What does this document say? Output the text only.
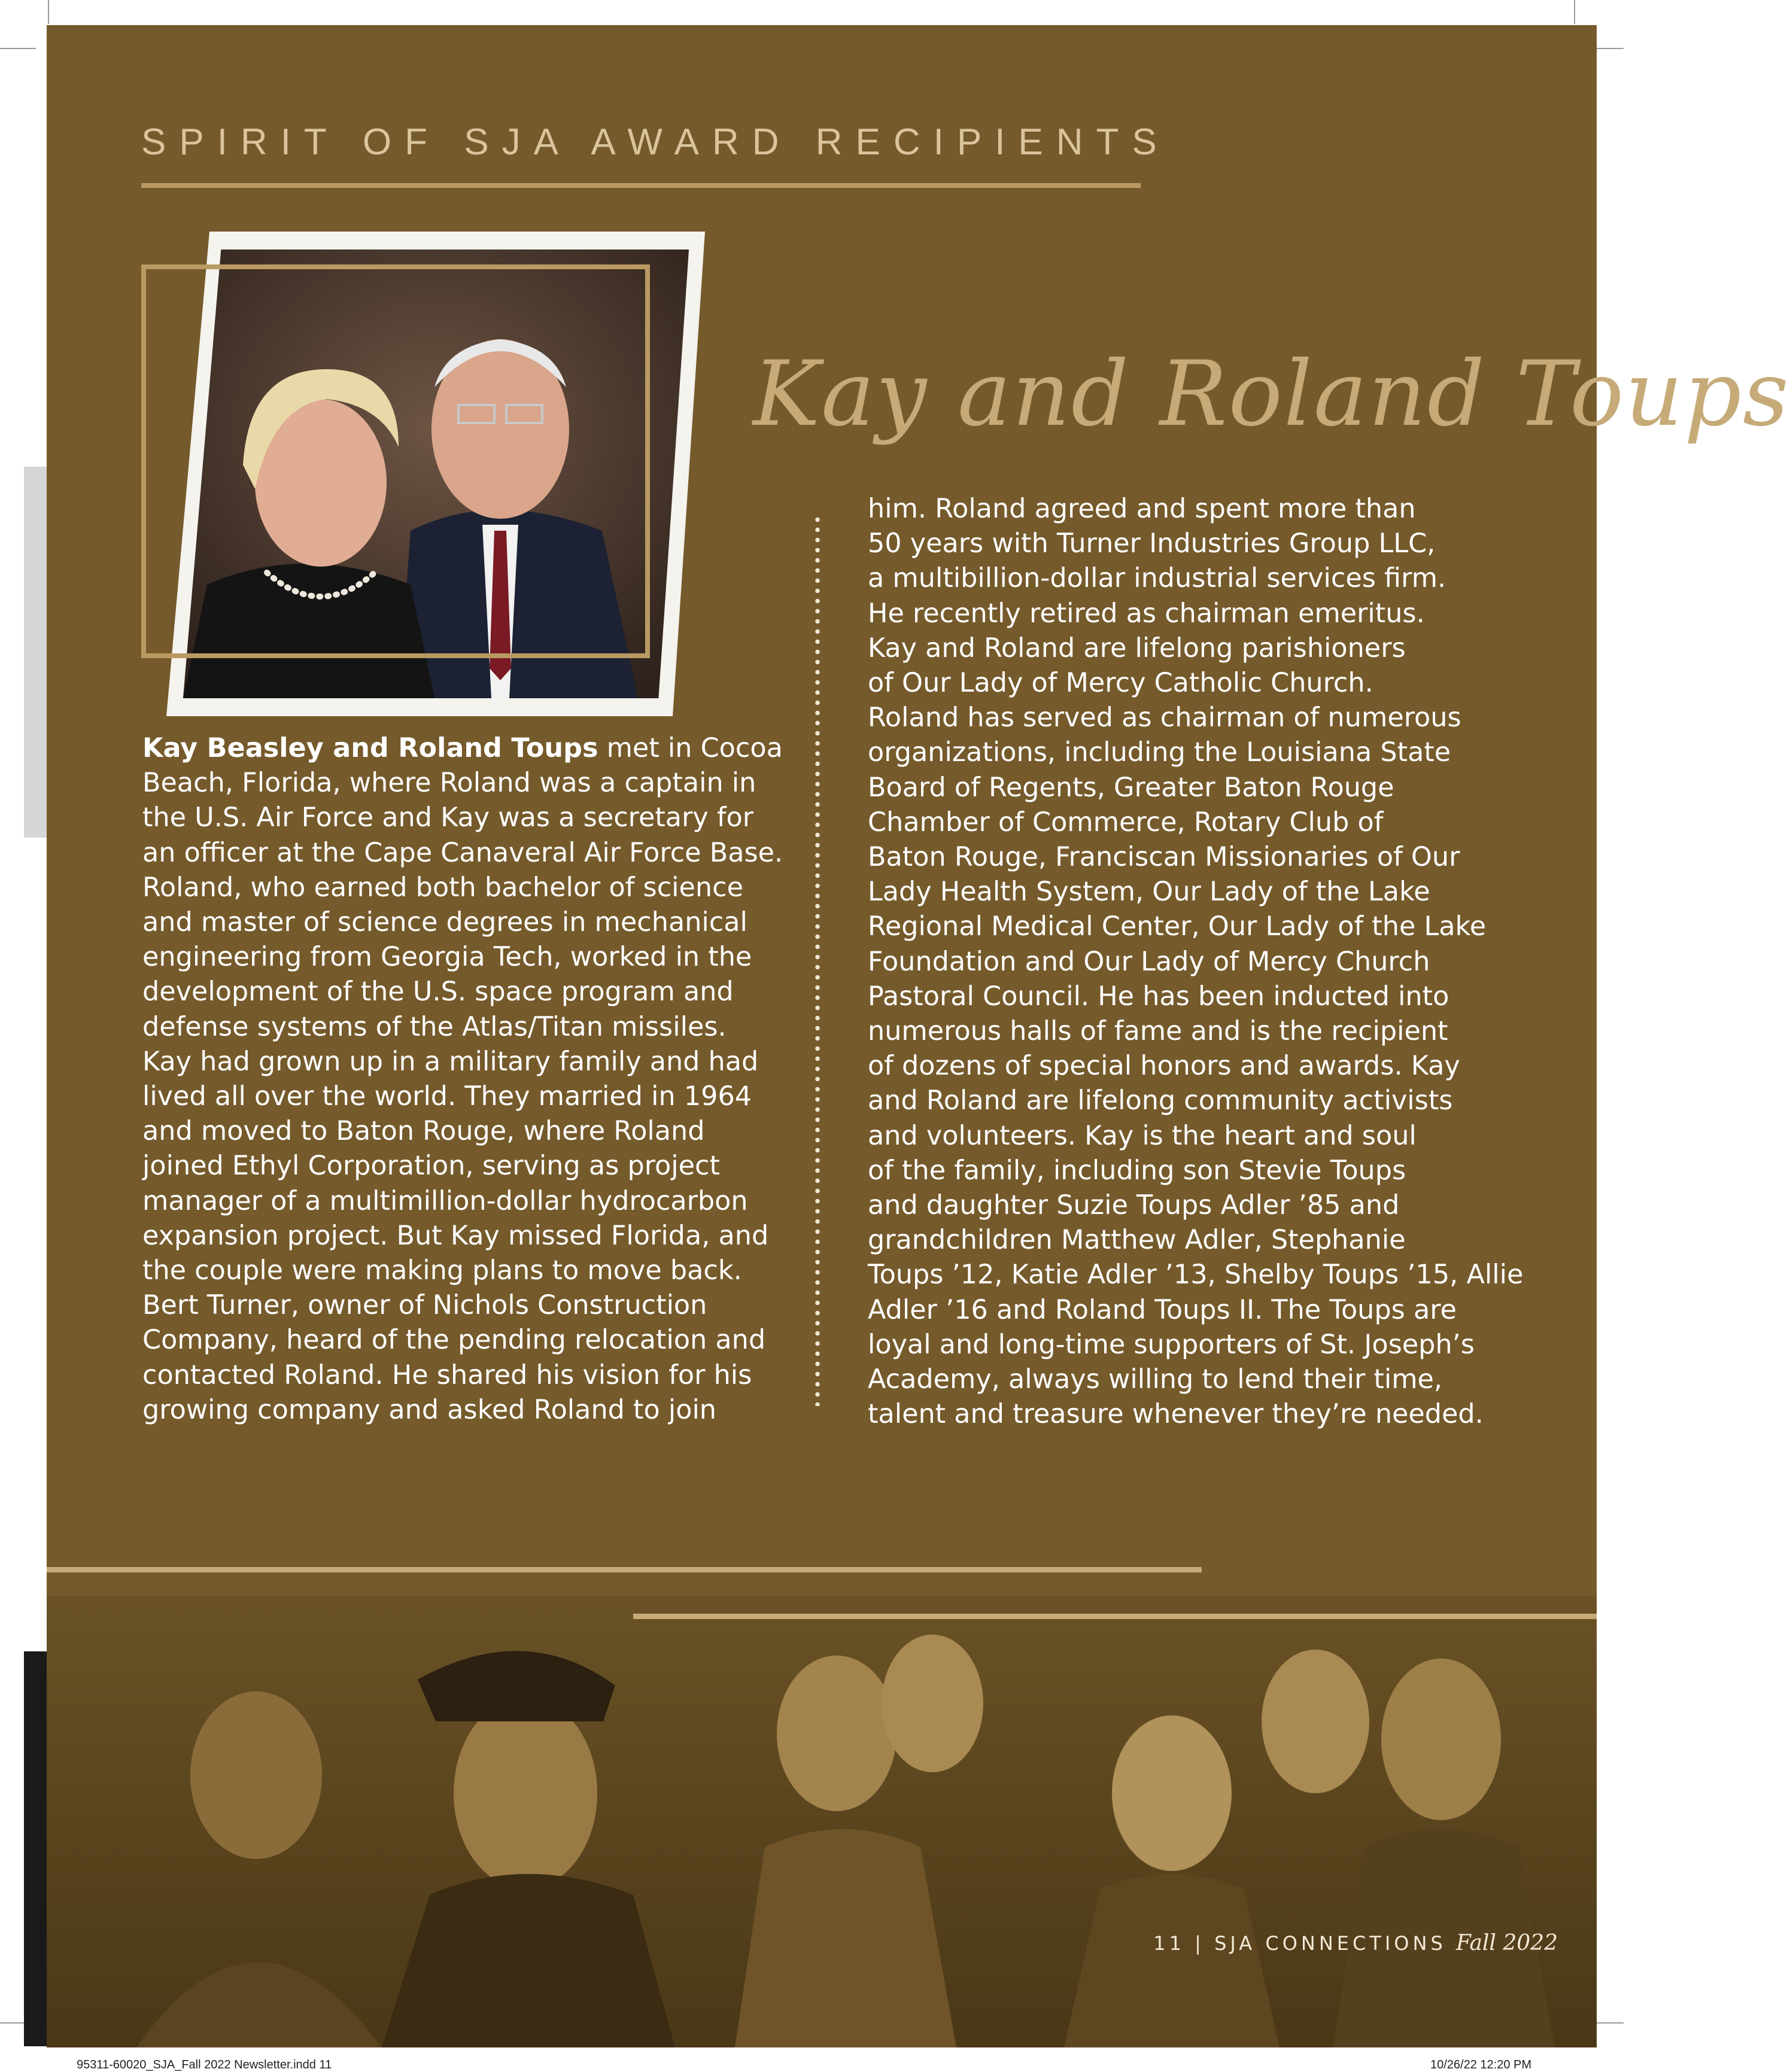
SPIRIT OF SJA AWARD RECIPIENTS
Kay and Roland Toups
Kay Beasley and Roland Toups met in Cocoa
Beach, Florida, where Roland was a captain in
the U.S. Air Force and Kay was a secretary for
an officer at the Cape Canaveral Air Force Base.
Roland, who earned both bachelor of science
and master of science degrees in mechanical
engineering from Georgia Tech, worked in the
development of the U.S. space program and
defense systems of the Atlas/Titan missiles.
Kay had grown up in a military family and had
lived all over the world. They married in 1964
and moved to Baton Rouge, where Roland
joined Ethyl Corporation, serving as project
manager of a multimillion-dollar hydrocarbon
expansion project. But Kay missed Florida, and
the couple were making plans to move back.
Bert Turner, owner of Nichols Construction
Company, heard of the pending relocation and
contacted Roland. He shared his vision for his
growing company and asked Roland to join
him. Roland agreed and spent more than
50 years with Turner Industries Group LLC,
a multibillion-dollar industrial services firm.
He recently retired as chairman emeritus.
Kay and Roland are lifelong parishioners
of Our Lady of Mercy Catholic Church.
Roland has served as chairman of numerous
organizations, including the Louisiana State
Board of Regents, Greater Baton Rouge
Chamber of Commerce, Rotary Club of
Baton Rouge, Franciscan Missionaries of Our
Lady Health System, Our Lady of the Lake
Regional Medical Center, Our Lady of the Lake
Foundation and Our Lady of Mercy Church
Pastoral Council. He has been inducted into
numerous halls of fame and is the recipient
of dozens of special honors and awards. Kay
and Roland are lifelong community activists
and volunteers. Kay is the heart and soul
of the family, including son Stevie Toups
and daughter Suzie Toups Adler ’85 and
grandchildren Matthew Adler, Stephanie
Toups ’12, Katie Adler ’13, Shelby Toups ’15, Allie
Adler ’16 and Roland Toups II. The Toups are
loyal and long-time supporters of St. Joseph’s
Academy, always willing to lend their time,
talent and treasure whenever they’re needed.
11 | SJA CONNECTIONS Fall 2022
95311-60020_SJA_Fall 2022 Newsletter.indd 11	10/26/22 12:20 PM
